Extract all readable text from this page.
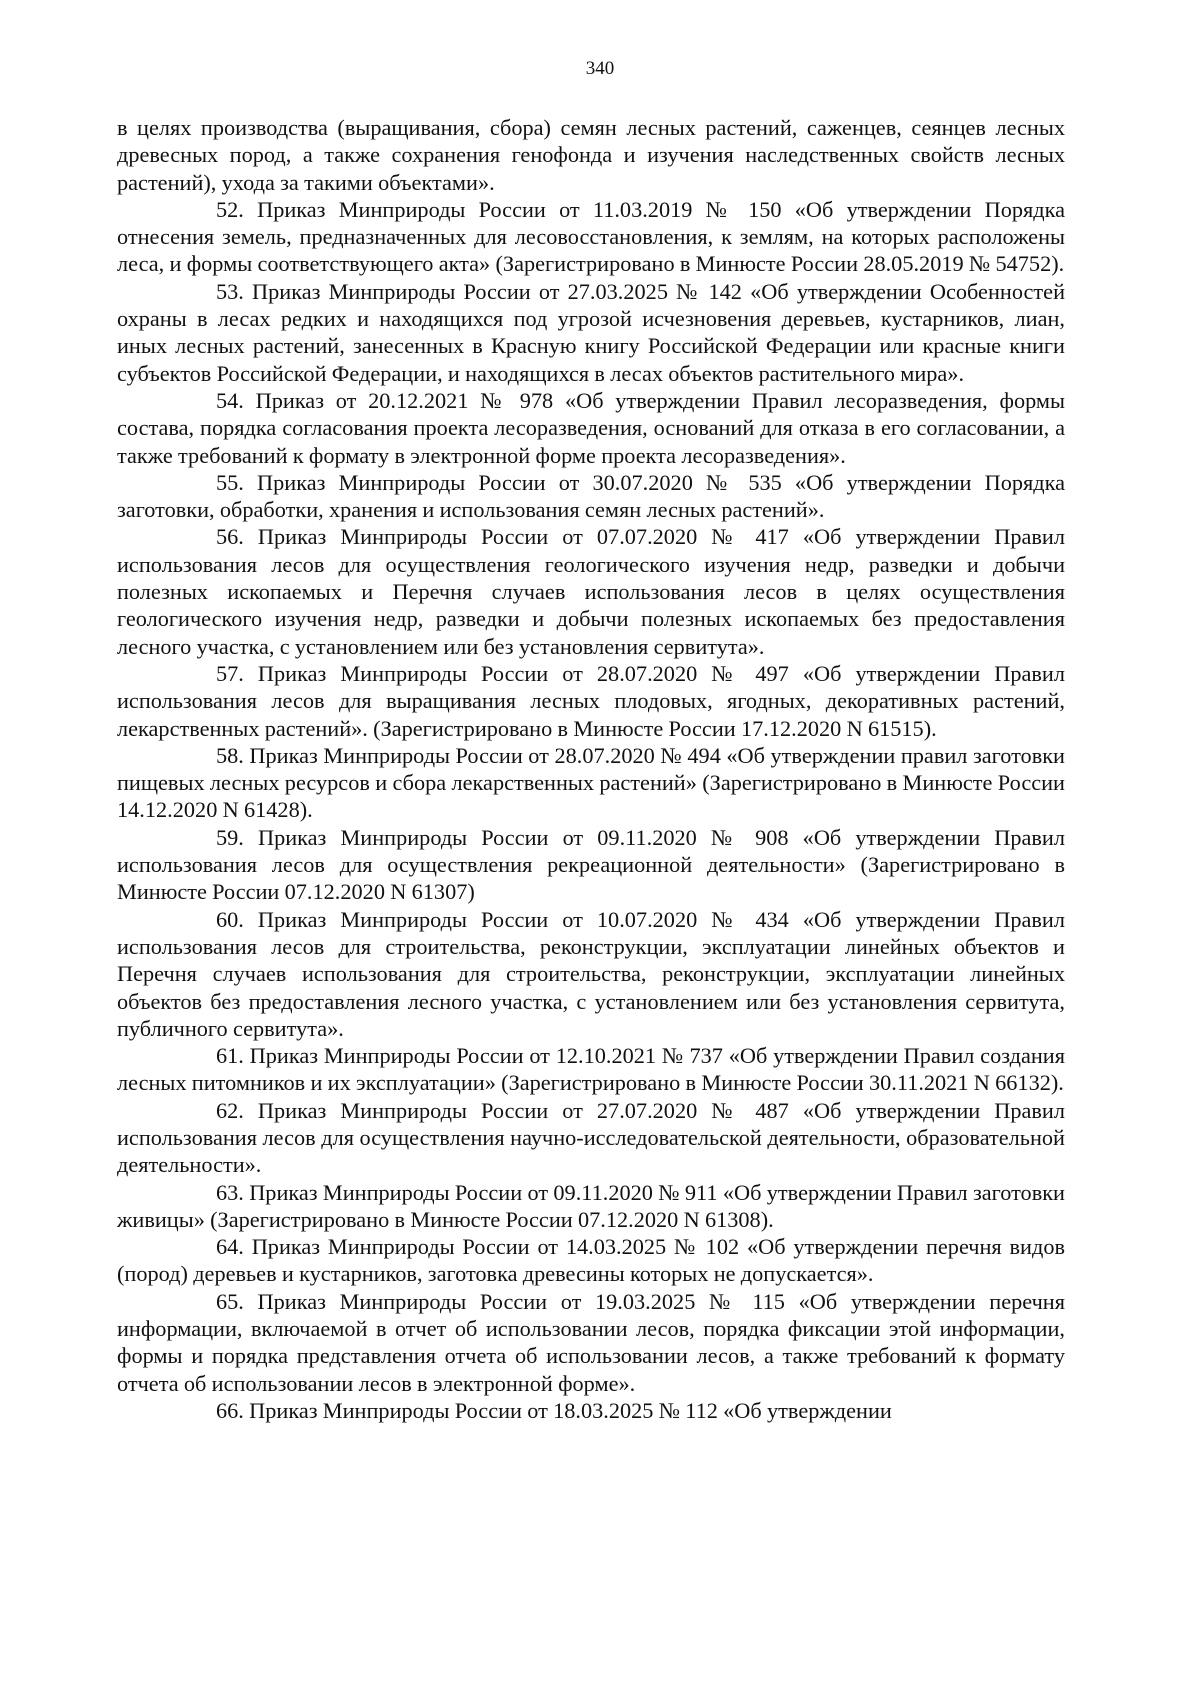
340

в целях производства (выращивания, сбора) семян лесных растений, саженцев, сеянцев лесных древесных пород, а также сохранения генофонда и изучения наследственных свойств лесных растений), ухода за такими объектами».

52. Приказ Минприроды России от 11.03.2019 № 150 «Об утверждении Порядка отнесения земель, предназначенных для лесовосстановления, к землям, на которых расположены леса, и формы соответствующего акта» (Зарегистрировано в Минюсте России 28.05.2019 № 54752).

53. Приказ Минприроды России от 27.03.2025 № 142 «Об утверждении Особенностей охраны в лесах редких и находящихся под угрозой исчезновения деревьев, кустарников, лиан, иных лесных растений, занесенных в Красную книгу Российской Федерации или красные книги субъектов Российской Федерации, и находящихся в лесах объектов растительного мира».

54. Приказ от 20.12.2021 № 978 «Об утверждении Правил лесоразведения, формы состава, порядка согласования проекта лесоразведения, оснований для отказа в его согласовании, а также требований к формату в электронной форме проекта лесоразведения».

55. Приказ Минприроды России от 30.07.2020 № 535 «Об утверждении Порядка заготовки, обработки, хранения и использования семян лесных растений».

56. Приказ Минприроды России от 07.07.2020 № 417 «Об утверждении Правил использования лесов для осуществления геологического изучения недр, разведки и добычи полезных ископаемых и Перечня случаев использования лесов в целях осуществления геологического изучения недр, разведки и добычи полезных ископаемых без предоставления лесного участка, с установлением или без установления сервитута».

57. Приказ Минприроды России от 28.07.2020 № 497 «Об утверждении Правил использования лесов для выращивания лесных плодовых, ягодных, декоративных растений, лекарственных растений». (Зарегистрировано в Минюсте России 17.12.2020 N 61515).

58. Приказ Минприроды России от 28.07.2020 № 494 «Об утверждении правил заготовки пищевых лесных ресурсов и сбора лекарственных растений» (Зарегистрировано в Минюсте России 14.12.2020 N 61428).

59. Приказ Минприроды России от 09.11.2020 № 908 «Об утверждении Правил использования лесов для осуществления рекреационной деятельности» (Зарегистрировано в Минюсте России 07.12.2020 N 61307)

60. Приказ Минприроды России от 10.07.2020 № 434 «Об утверждении Правил использования лесов для строительства, реконструкции, эксплуатации линейных объектов и Перечня случаев использования для строительства, реконструкции, эксплуатации линейных объектов без предоставления лесного участка, с установлением или без установления сервитута, публичного сервитута».

61. Приказ Минприроды России от 12.10.2021 № 737 «Об утверждении Правил создания лесных питомников и их эксплуатации» (Зарегистрировано в Минюсте России 30.11.2021 N 66132).

62. Приказ Минприроды России от 27.07.2020 № 487 «Об утверждении Правил использования лесов для осуществления научно-исследовательской деятельности, образовательной деятельности».

63. Приказ Минприроды России от 09.11.2020 № 911 «Об утверждении Правил заготовки живицы» (Зарегистрировано в Минюсте России 07.12.2020 N 61308).

64. Приказ Минприроды России от 14.03.2025 № 102 «Об утверждении перечня видов (пород) деревьев и кустарников, заготовка древесины которых не допускается».

65. Приказ Минприроды России от 19.03.2025 № 115 «Об утверждении перечня информации, включаемой в отчет об использовании лесов, порядка фиксации этой информации, формы и порядка представления отчета об использовании лесов, а также требований к формату отчета об использовании лесов в электронной форме».

66. Приказ Минприроды России от 18.03.2025 № 112 «Об утверждении
